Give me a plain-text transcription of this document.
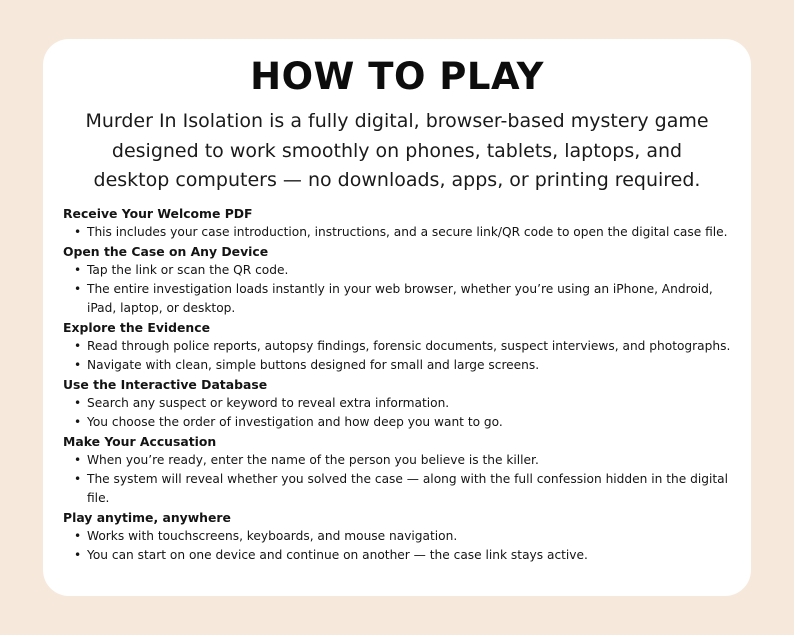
HOW TO PLAY

Murder In Isolation is a fully digital, browser-based mystery game designed to work smoothly on phones, tablets, laptops, and desktop computers — no downloads, apps, or printing required.

Receive Your Welcome PDF

• This includes your case introduction, instructions, and a secure link/QR code to open the digital case file.

Open the Case on Any Device

• Tap the link or scan the QR code.
• The entire investigation loads instantly in your web browser, whether you’re using an iPhone, Android, iPad, laptop, or desktop.

Explore the Evidence

• Read through police reports, autopsy findings, forensic documents, suspect interviews, and photographs.
• Navigate with clean, simple buttons designed for small and large screens.

Use the Interactive Database

• Search any suspect or keyword to reveal extra information.
• You choose the order of investigation and how deep you want to go.

Make Your Accusation

• When you’re ready, enter the name of the person you believe is the killer.
• The system will reveal whether you solved the case — along with the full confession hidden in the digital file.

Play anytime, anywhere

• Works with touchscreens, keyboards, and mouse navigation.
• You can start on one device and continue on another — the case link stays active.
